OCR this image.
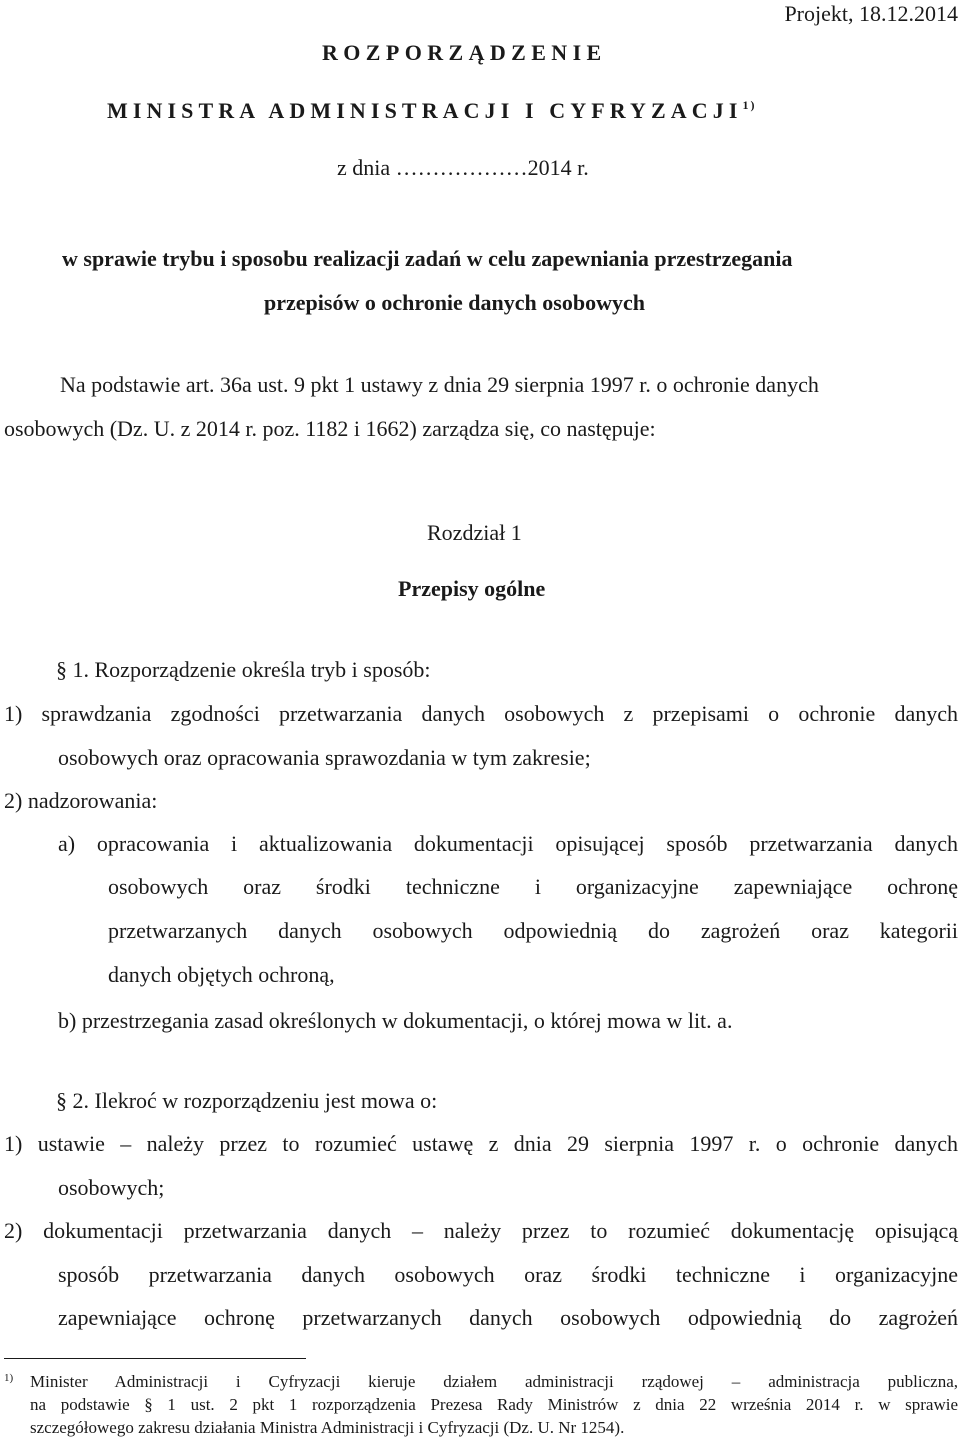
Projekt, 18.12.2014
ROZPORZĄDZENIE
MINISTRA ADMINISTRACJI I CYFRYZACJI$^{1)}$
z dnia ………………2014 r.
w sprawie trybu i sposobu realizacji zadań w celu zapewniania przestrzegania
przepisów o ochronie danych osobowych
Na podstawie art. 36a ust. 9 pkt 1 ustawy z dnia 29 sierpnia 1997 r. o ochronie danych
osobowych (Dz. U. z 2014 r. poz. 1182 i 1662) zarządza się, co następuje:
Rozdział 1
Przepisy ogólne
§ 1. Rozporządzenie określa tryb i sposób:
1) sprawdzania zgodności przetwarzania danych osobowych z przepisami o ochronie danych
osobowych oraz opracowania sprawozdania w tym zakresie;
2) nadzorowania:
a) opracowania i aktualizowania dokumentacji opisującej sposób przetwarzania danych
osobowych oraz środki techniczne i organizacyjne zapewniające ochronę
przetwarzanych danych osobowych odpowiednią do zagrożeń oraz kategorii
danych objętych ochroną,
b) przestrzegania zasad określonych w dokumentacji, o której mowa w lit. a.
§ 2. Ilekroć w rozporządzeniu jest mowa o:
1) ustawie – należy przez to rozumieć ustawę z dnia 29 sierpnia 1997 r. o ochronie danych
osobowych;
2) dokumentacji przetwarzania danych – należy przez to rozumieć dokumentację opisującą
sposób przetwarzania danych osobowych oraz środki techniczne i organizacyjne
zapewniające ochronę przetwarzanych danych osobowych odpowiednią do zagrożeń
1) Minister Administracji i Cyfryzacji kieruje działem administracji rządowej – administracja publiczna,
na podstawie § 1 ust. 2 pkt 1 rozporządzenia Prezesa Rady Ministrów z dnia 22 września 2014 r. w sprawie
szczegółowego zakresu działania Ministra Administracji i Cyfryzacji (Dz. U. Nr 1254).
